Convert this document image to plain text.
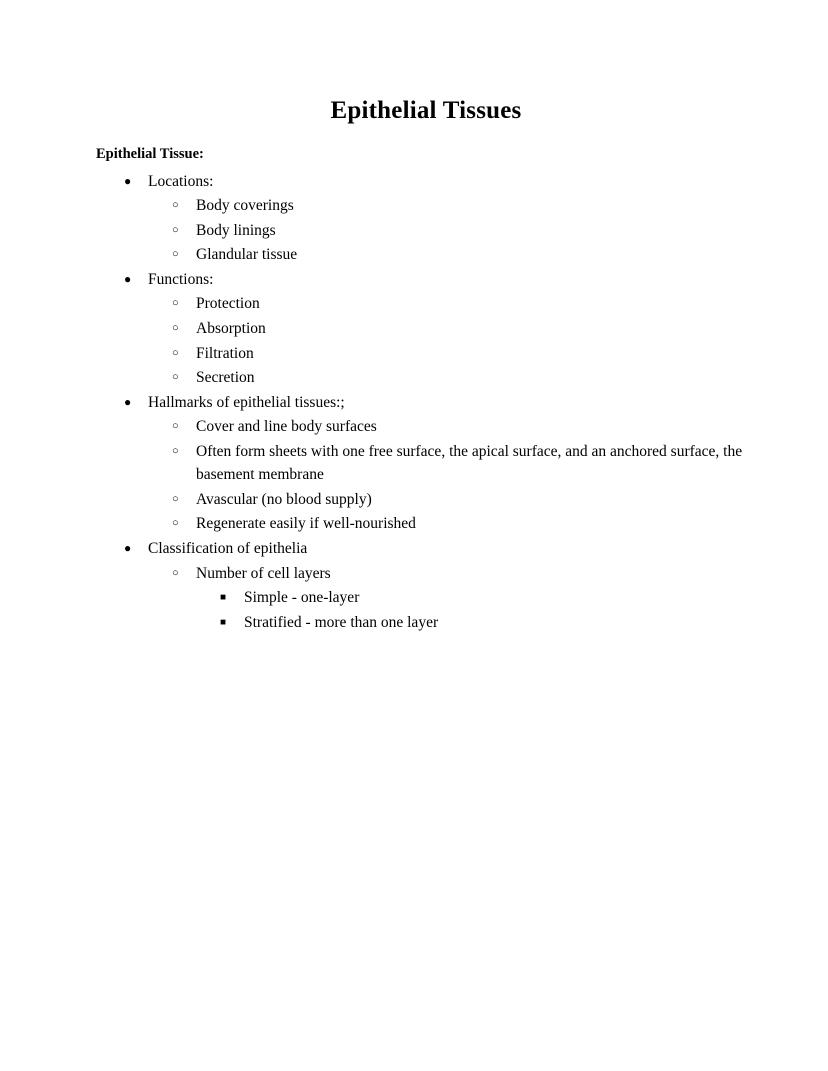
Epithelial Tissues
Epithelial Tissue:
●	Locations:
○	Body coverings
○	Body linings
○	Glandular tissue
●	Functions:
○	Protection
○	Absorption
○	Filtration
○	Secretion
●	Hallmarks of epithelial tissues:;
○	Cover and line body surfaces
○	Often form sheets with one free surface, the apical surface, and an anchored surface, the basement membrane
○	Avascular (no blood supply)
○	Regenerate easily if well-nourished
●	Classification of epithelia
○	Number of cell layers
■	Simple - one-layer
■	Stratified - more than one layer
